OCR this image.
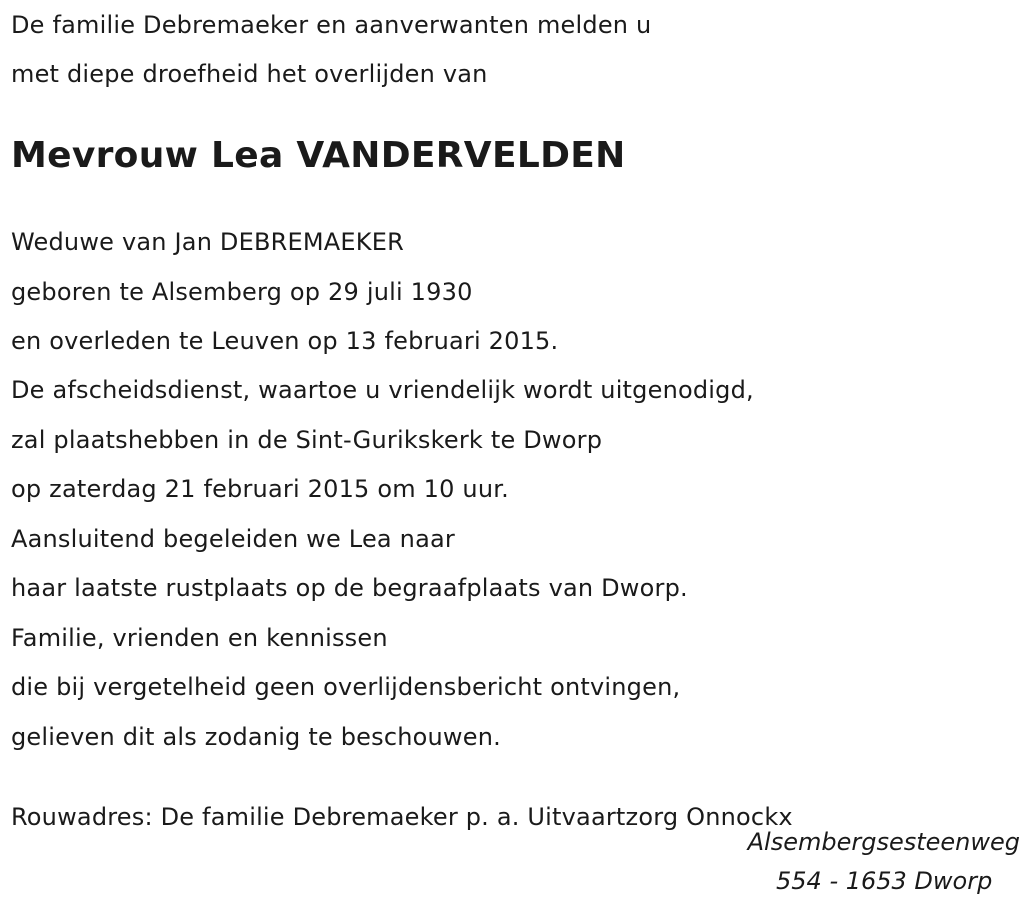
De familie Debremaeker en aanverwanten melden u
met diepe droefheid het overlijden van
Mevrouw Lea VANDERVELDEN
Weduwe van Jan DEBREMAEKER
geboren te Alsemberg op 29 juli 1930
en overleden te Leuven op 13 februari 2015.
De afscheidsdienst, waartoe u vriendelijk wordt uitgenodigd,
zal plaatshebben in de Sint-Gurikskerk te Dworp
op zaterdag 21 februari 2015 om 10 uur.
Aansluitend begeleiden we Lea naar
haar laatste rustplaats op de begraafplaats van Dworp.
Familie, vrienden en kennissen
die bij vergetelheid geen overlijdensbericht ontvingen,
gelieven dit als zodanig te beschouwen.
Rouwadres: De familie Debremaeker p. a. Uitvaartzorg Onnockx
Alsembergsesteenweg
554 - 1653 Dworp
